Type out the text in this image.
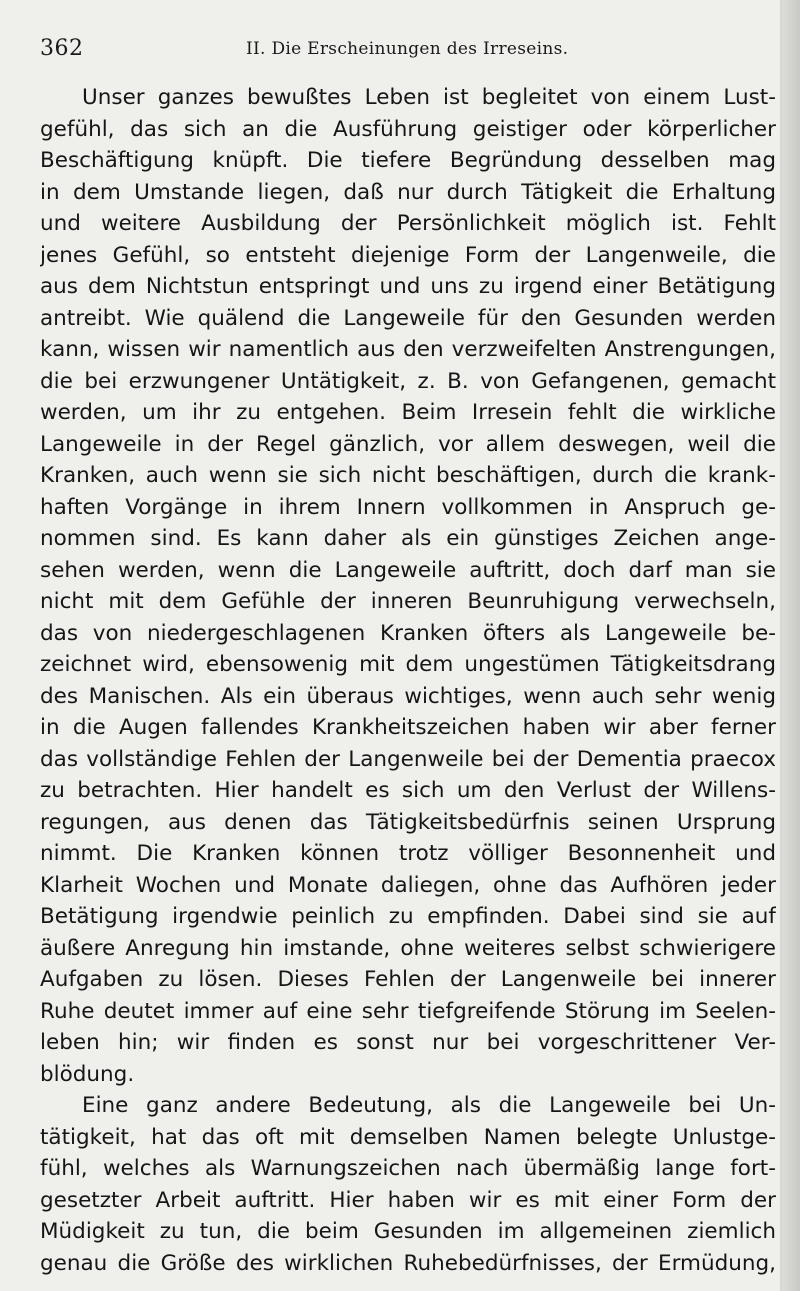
362	II. Die Erscheinungen des Irreseins.
Unser ganzes bewußtes Leben ist begleitet von einem Lust-
gefühl, das sich an die Ausführung geistiger oder körperlicher
Beschäftigung knüpft. Die tiefere Begründung desselben mag
in dem Umstande liegen, daß nur durch Tätigkeit die Erhaltung
und weitere Ausbildung der Persönlichkeit möglich ist. Fehlt
jenes Gefühl, so entsteht diejenige Form der Langenweile, die
aus dem Nichtstun entspringt und uns zu irgend einer Betätigung
antreibt. Wie quälend die Langeweile für den Gesunden werden
kann, wissen wir namentlich aus den verzweifelten Anstrengungen,
die bei erzwungener Untätigkeit, z. B. von Gefangenen, gemacht
werden, um ihr zu entgehen. Beim Irresein fehlt die wirkliche
Langeweile in der Regel gänzlich, vor allem deswegen, weil die
Kranken, auch wenn sie sich nicht beschäftigen, durch die krank-
haften Vorgänge in ihrem Innern vollkommen in Anspruch ge-
nommen sind. Es kann daher als ein günstiges Zeichen ange-
sehen werden, wenn die Langeweile auftritt, doch darf man sie
nicht mit dem Gefühle der inneren Beunruhigung verwechseln,
das von niedergeschlagenen Kranken öfters als Langeweile be-
zeichnet wird, ebensowenig mit dem ungestümen Tätigkeitsdrang
des Manischen. Als ein überaus wichtiges, wenn auch sehr wenig
in die Augen fallendes Krankheitszeichen haben wir aber ferner
das vollständige Fehlen der Langenweile bei der Dementia praecox
zu betrachten. Hier handelt es sich um den Verlust der Willens-
regungen, aus denen das Tätigkeitsbedürfnis seinen Ursprung
nimmt. Die Kranken können trotz völliger Besonnenheit und
Klarheit Wochen und Monate daliegen, ohne das Aufhören jeder
Betätigung irgendwie peinlich zu empfinden. Dabei sind sie auf
äußere Anregung hin imstande, ohne weiteres selbst schwierigere
Aufgaben zu lösen. Dieses Fehlen der Langenweile bei innerer
Ruhe deutet immer auf eine sehr tiefgreifende Störung im Seelen-
leben hin; wir finden es sonst nur bei vorgeschrittener Ver-
blödung.
Eine ganz andere Bedeutung, als die Langeweile bei Un-
tätigkeit, hat das oft mit demselben Namen belegte Unlustge-
fühl, welches als Warnungszeichen nach übermäßig lange fort-
gesetzter Arbeit auftritt. Hier haben wir es mit einer Form der
Müdigkeit zu tun, die beim Gesunden im allgemeinen ziemlich
genau die Größe des wirklichen Ruhebedürfnisses, der Ermüdung,
